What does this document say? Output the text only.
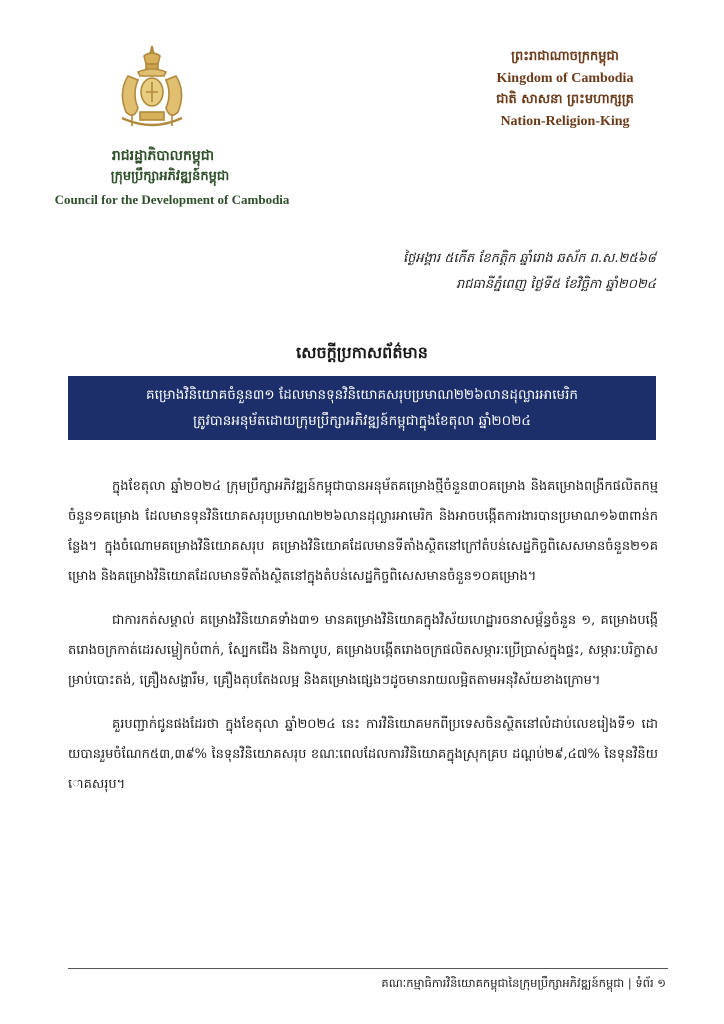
រាជរដ្ឋាភិបាលកម្ពុជា
ក្រុមប្រឹក្សាអភិវឌ្ឍន៍កម្ពុជា
Council for the Development of Cambodia
ព្រះរាជាណាចក្រកម្ពុជា
Kingdom of Cambodia
ជាតិ សាសនា ព្រះមហាក្សត្រ
Nation-Religion-King
ថ្ងៃអង្គារ ៥កើត ខែកត្តិក ឆ្នាំរោង ឆស័ក ព.ស.២៥៦៨
រាជធានីភ្នំពេញ ថ្ងៃទី៥ ខែវិច្ឆិកា ឆ្នាំ២០២៤
សេចក្តីប្រកាសព័ត៌មាន
គម្រោងវិនិយោគចំនួន៣១ ដែលមានទុនវិនិយោគសរុបប្រមាណ២២៦លានដុល្លារអាមេរិក
ត្រូវបានអនុម័តដោយក្រុមប្រឹក្សាអភិវឌ្ឍន៍កម្ពុជាក្នុងខែតុលា ឆ្នាំ២០២៤

ក្នុងខែតុលា ឆ្នាំ២០២៤ ក្រុមប្រឹក្សាអភិវឌ្ឍន៍កម្ពុជាបានអនុម័តគម្រោងថ្មីចំនួន៣០គម្រោង និងគម្រោងពង្រីកផលិតកម្មចំនួន១គម្រោង ដែលមានទុនវិនិយោគសរុបប្រមាណ២២៦លានដុល្លារអាមេរិក និងអាចបង្កើតការងារបានប្រមាណ១៦៣ពាន់កន្លែង។ ក្នុងចំណោមគម្រោងវិនិយោគសរុប គម្រោងវិនិយោគដែលមានទីតាំងស្ថិតនៅក្រៅតំបន់សេដ្ឋកិច្ចពិសេសមានចំនួន២១គម្រោង និងគម្រោងវិនិយោគដែលមានទីតាំងស្ថិតនៅក្នុងតំបន់សេដ្ឋកិច្ចពិសេសមានចំនួន១០គម្រោង។

ជាការកត់សម្គាល់ គម្រោងវិនិយោគទាំង៣១ មានគម្រោងវិនិយោគក្នុងវិស័យហេដ្ឋារចនាសម្ព័ន្ធចំនួន ១, គម្រោងបង្កើតរោងចក្រកាត់ដេរសម្លៀកបំពាក់, ស្បែកជើង និងកាបូប, គម្រោងបង្កើតរោងចក្រផលិតសម្ភារៈប្រើប្រាស់ក្នុងផ្ទះ, សម្ភារៈបរិក្ខាសម្រាប់បោះតង់, គ្រឿងសង្ហារឹម, គ្រឿងតុបតែងលម្អ និងគម្រោងផ្សេងៗដូចមានរាយលម្អិតតាមអនុវិស័យខាងក្រោម។

គួរបញ្ជាក់ជូនផងដែរថា ក្នុងខែតុលា ឆ្នាំ២០២៤ នេះ ការវិនិយោគមកពីប្រទេសចិនស្ថិតនៅលំដាប់លេខរៀងទី១ ដោយបានរួមចំណែក៥៣,៣៩% នៃទុនវិនិយោគសរុប ខណៈពេលដែលការវិនិយោគក្នុងស្រុកគ្រប ដណ្តប់២៩,៤៧% នៃទុនវិនិយោគសរុប។

គណៈកម្មាធិការវិនិយោគកម្ពុជានៃក្រុមប្រឹក្សាអភិវឌ្ឍន៍កម្ពុជា | ទំព័រ ១
